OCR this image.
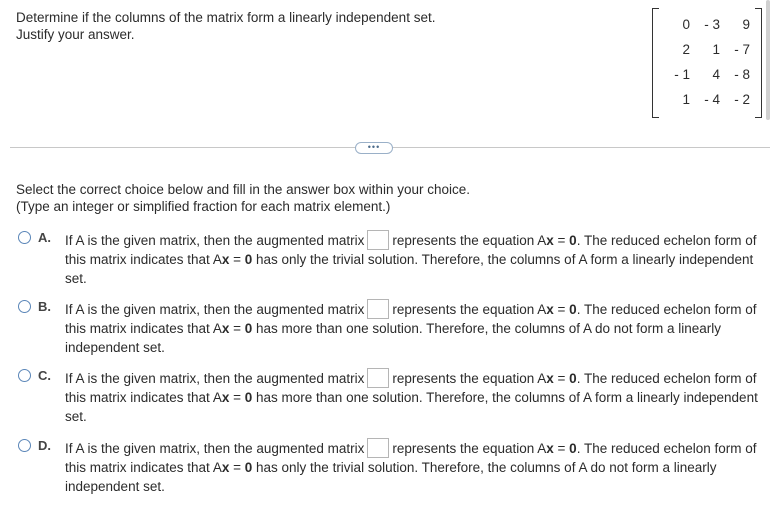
Determine if the columns of the matrix form a linearly independent set.
Justify your answer.
0	- 3	9
2	1	- 7
- 1	4	- 8
1	- 4	- 2
•••
Select the correct choice below and fill in the answer box within your choice.
(Type an integer or simplified fraction for each matrix element.)
A. If A is the given matrix, then the augmented matrix represents the equation Ax = 0. The reduced echelon form of this matrix indicates that Ax = 0 has only the trivial solution. Therefore, the columns of A form a linearly independent set.
B. If A is the given matrix, then the augmented matrix represents the equation Ax = 0. The reduced echelon form of this matrix indicates that Ax = 0 has more than one solution. Therefore, the columns of A do not form a linearly independent set.
C. If A is the given matrix, then the augmented matrix represents the equation Ax = 0. The reduced echelon form of this matrix indicates that Ax = 0 has more than one solution. Therefore, the columns of A form a linearly independent set.
D. If A is the given matrix, then the augmented matrix represents the equation Ax = 0. The reduced echelon form of this matrix indicates that Ax = 0 has only the trivial solution. Therefore, the columns of A do not form a linearly independent set.
